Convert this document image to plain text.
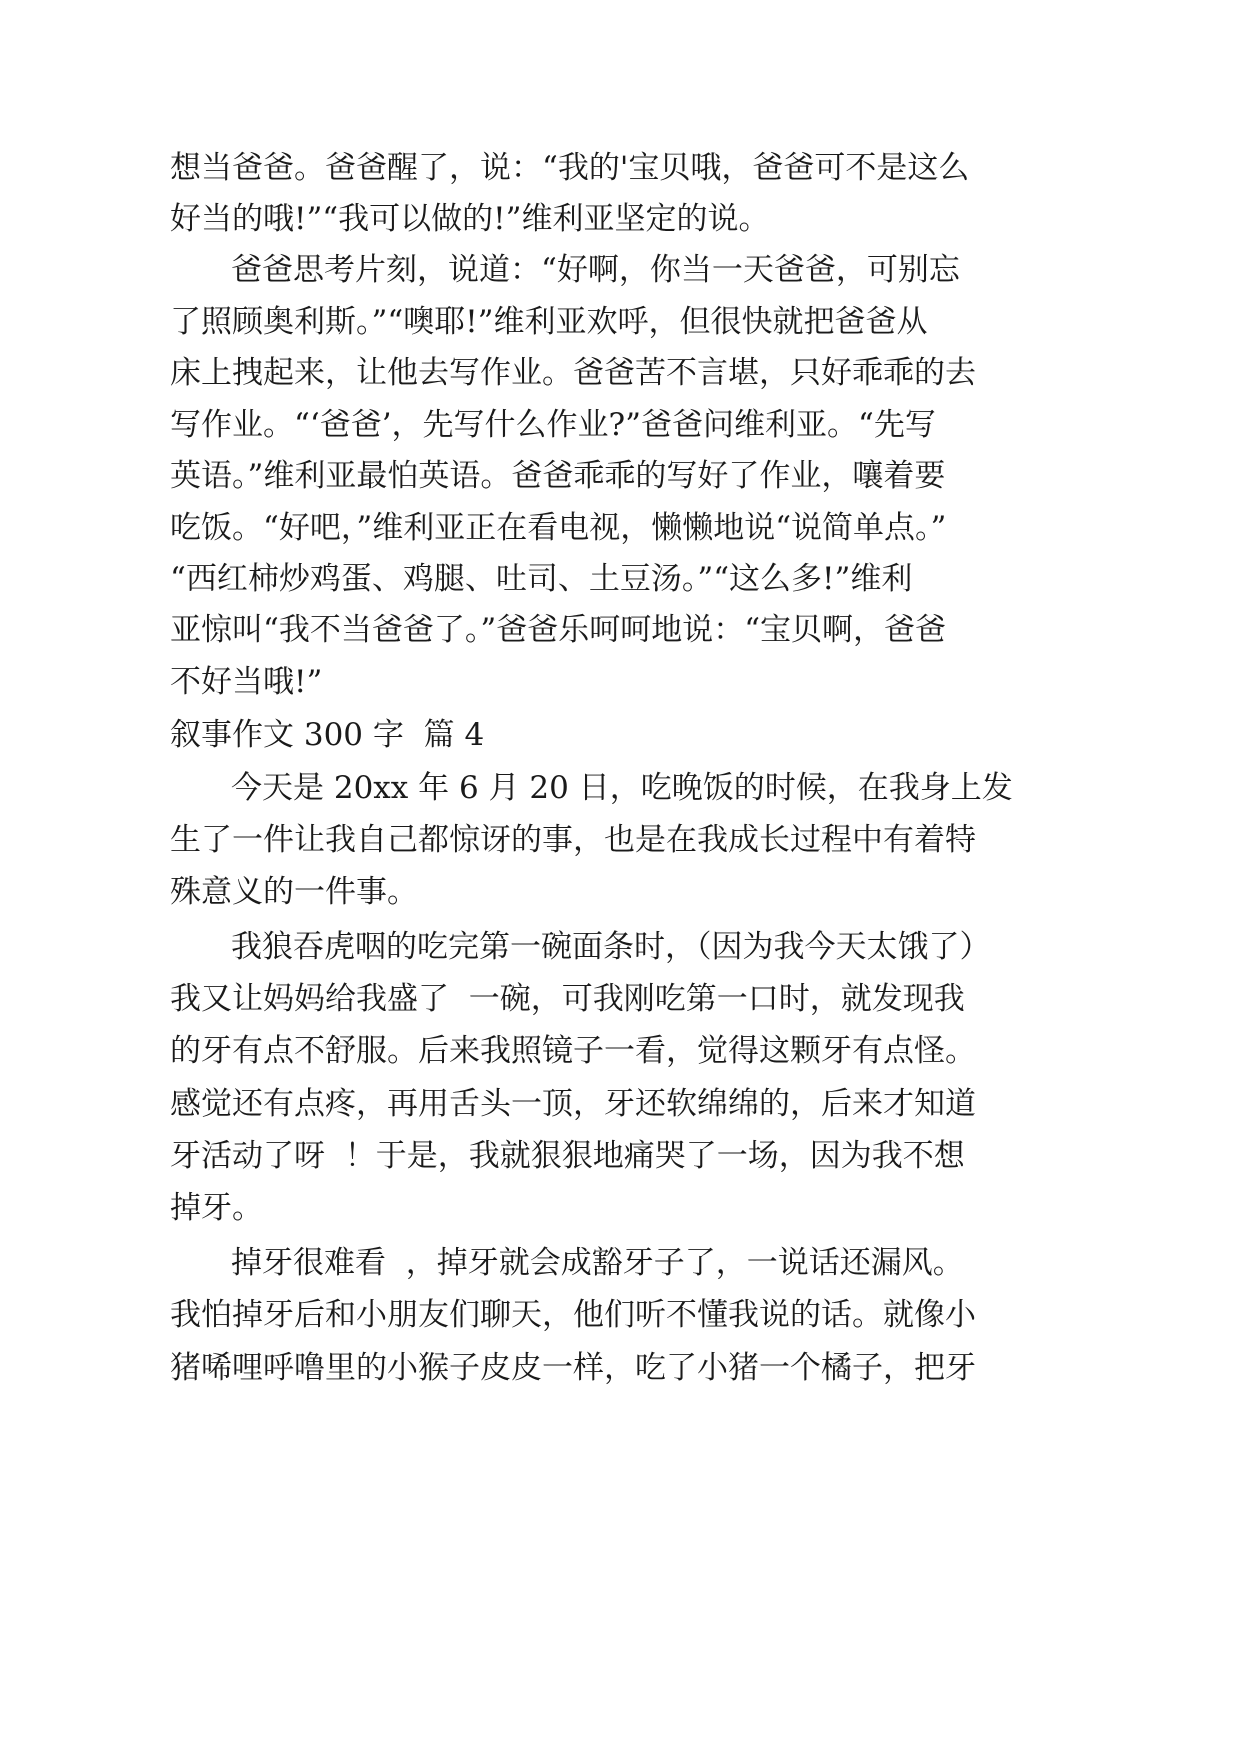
想当爸爸。爸爸醒了，说：“我的'宝贝哦，爸爸可不是这么

好当的哦!”“我可以做的!”维利亚坚定的说。

爸爸思考片刻，说道：“好啊，你当一天爸爸，可别忘

了照顾奥利斯。”“噢耶!”维利亚欢呼，但很快就把爸爸从

床上拽起来，让他去写作业。爸爸苦不言堪，只好乖乖的去

写作业。“‘爸爸’，先写什么作业?”爸爸问维利亚。“先写

英语。”维利亚最怕英语。爸爸乖乖的写好了作业，嚷着要

吃饭。“好吧，”维利亚正在看电视，懒懒地说“说简单点。”

“西红柿炒鸡蛋、鸡腿、吐司、土豆汤。”“这么多!”维利

亚惊叫“我不当爸爸了。”爸爸乐呵呵地说：“宝贝啊，爸爸

不好当哦!”

叙事作文 300 字  篇 4

今天是 20xx 年 6 月 20 日，吃晚饭的时候，在我身上发

生了一件让我自己都惊讶的事，也是在我成长过程中有着特

殊意义的一件事。

我狼吞虎咽的吃完第一碗面条时，（因为我今天太饿了）

我又让妈妈给我盛了  一碗，可我刚吃第一口时，就发现我

的牙有点不舒服。后来我照镜子一看，觉得这颗牙有点怪。

感觉还有点疼，再用舌头一顶，牙还软绵绵的，后来才知道

牙活动了呀  ！于是，我就狠狠地痛哭了一场，因为我不想

掉牙。

掉牙很难看  ，掉牙就会成豁牙子了，一说话还漏风。

我怕掉牙后和小朋友们聊天，他们听不懂我说的话。就像小

猪唏哩呼噜里的小猴子皮皮一样，吃了小猪一个橘子，把牙
